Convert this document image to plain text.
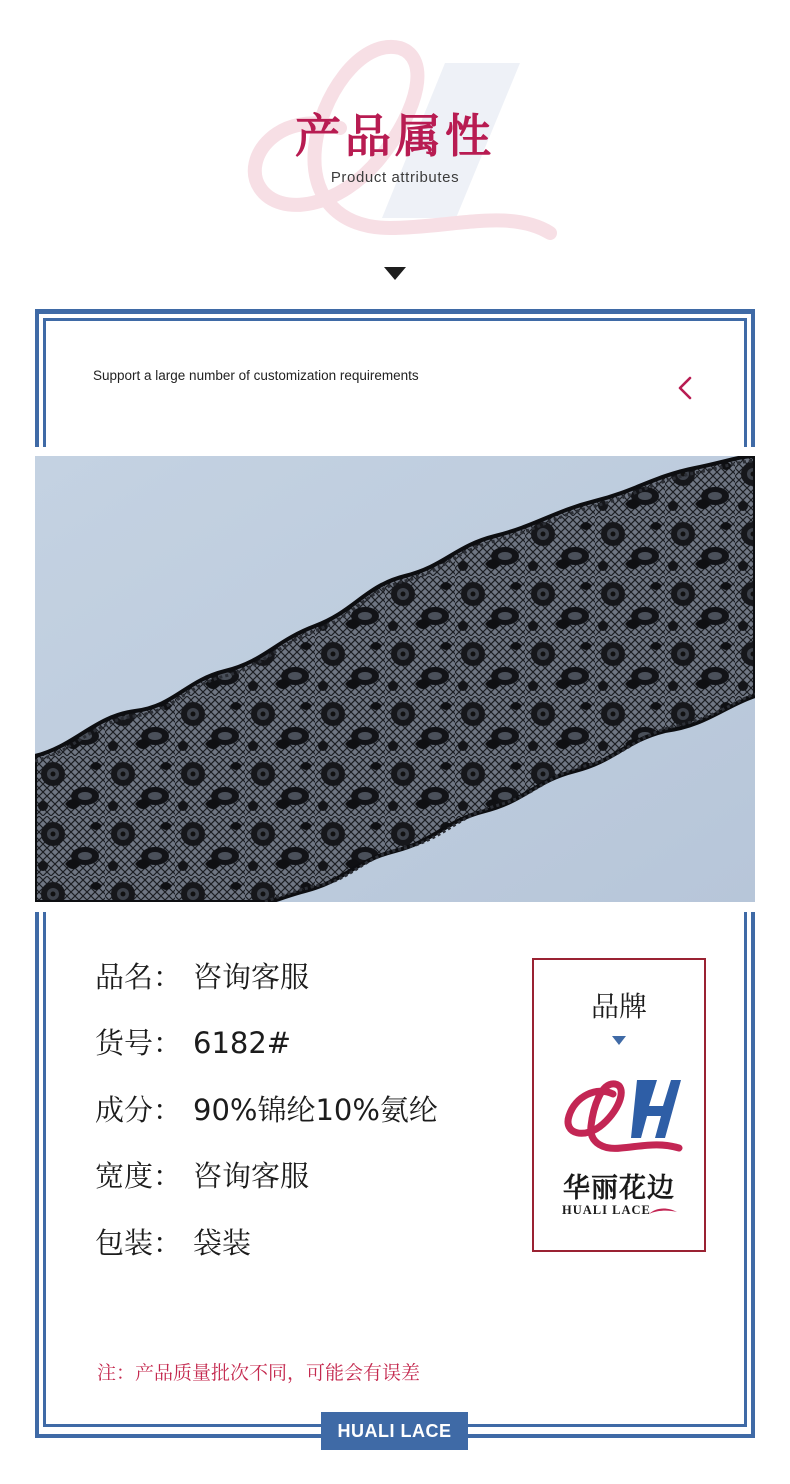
产品属性
Product attributes
Support a large number of customization requirements
品名： 咨询客服
货号： 6182#
成分： 90%锦纶10%氨纶
宽度： 咨询客服
包装： 袋装
品牌
华丽花边
HUALI LACE
注：产品质量批次不同，可能会有误差
HUALI LACE
